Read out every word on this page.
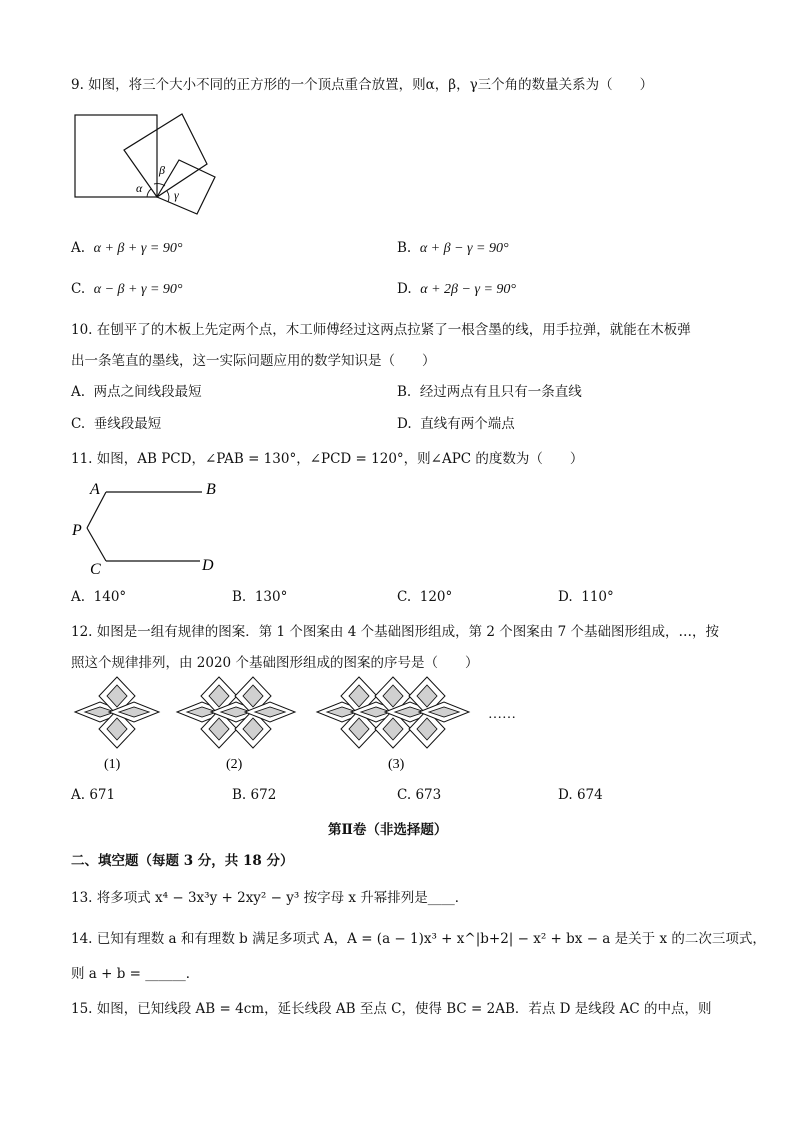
9. 如图，将三个大小不同的正方形的一个顶点重合放置，则α，β，γ三个角的数量关系为（　　）
α
β
γ
A. α + β + γ = 90°	B. α + β − γ = 90°
C. α − β + γ = 90°	D. α + 2β − γ = 90°
10. 在刨平了的木板上先定两个点，木工师傅经过这两点拉紧了一根含墨的线，用手拉弹，就能在木板弹
出一条笔直的墨线，这一实际问题应用的数学知识是（　　）
A. 两点之间线段最短	B. 经过两点有且只有一条直线
C. 垂线段最短	D. 直线有两个端点
11. 如图，AB PCD，∠PAB = 130°，∠PCD = 120°，则∠APC 的度数为（　　）
A	B
P
C	D
A. 140°	B. 130°	C. 120°	D. 110°
12. 如图是一组有规律的图案．第 1 个图案由 4 个基础图形组成，第 2 个图案由 7 个基础图形组成，…，按
照这个规律排列，由 2020 个基础图形组成的图案的序号是（　　）
……
(1)	(2)	(3)
A. 671	B. 672	C. 673	D. 674
第Ⅱ卷（非选择题）
二、填空题（每题 3 分，共 18 分）
13. 将多项式 x⁴ − 3x³y + 2xy² − y³ 按字母 x 升幂排列是____．
14. 已知有理数 a 和有理数 b 满足多项式 A，A = (a − 1)x³ + x^|b+2| − x² + bx − a 是关于 x 的二次三项式，
则 a + b = ______．
15. 如图，已知线段 AB = 4cm，延长线段 AB 至点 C，使得 BC = 2AB．若点 D 是线段 AC 的中点，则
